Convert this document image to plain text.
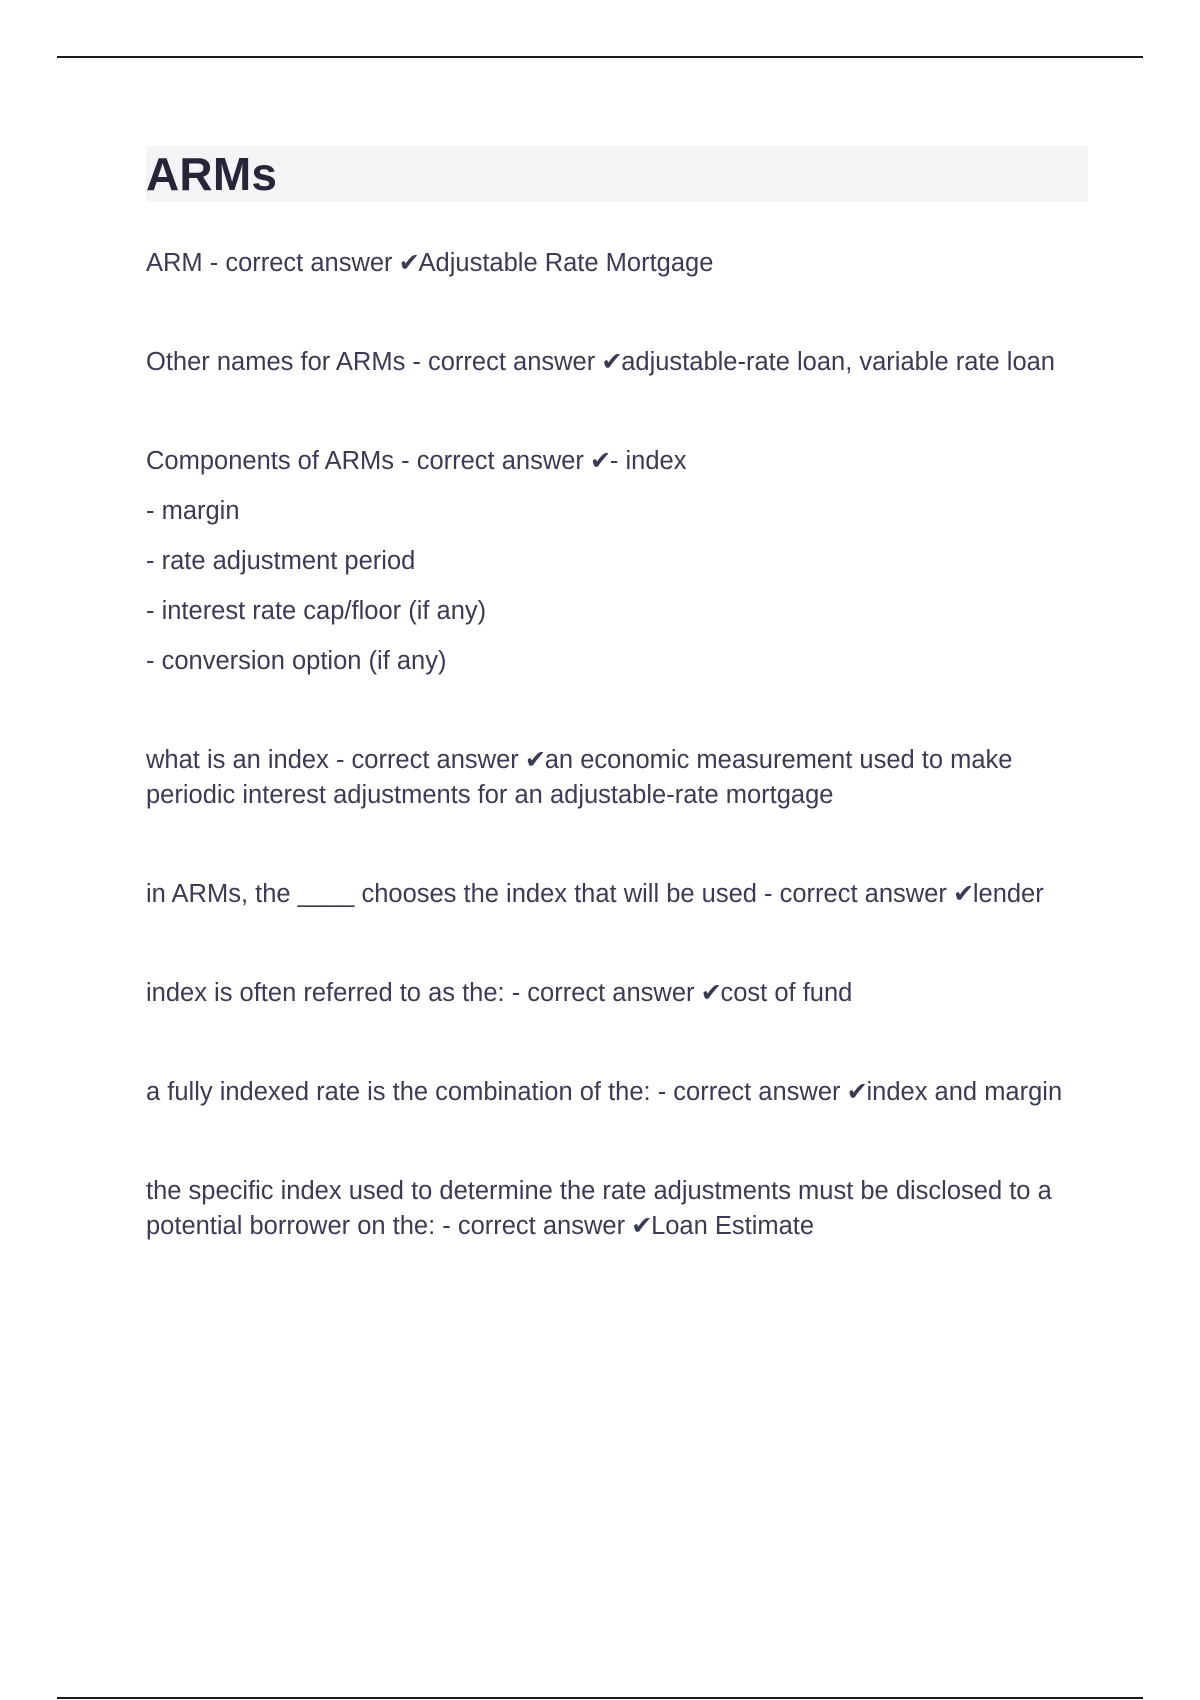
ARMs
ARM - correct answer ✔Adjustable Rate Mortgage
Other names for ARMs - correct answer ✔adjustable-rate loan, variable rate loan
Components of ARMs - correct answer ✔- index
- margin
- rate adjustment period
- interest rate cap/floor (if any)
- conversion option (if any)
what is an index - correct answer ✔an economic measurement used to make periodic interest adjustments for an adjustable-rate mortgage
in ARMs, the ____ chooses the index that will be used - correct answer ✔lender
index is often referred to as the: - correct answer ✔cost of fund
a fully indexed rate is the combination of the: - correct answer ✔index and margin
the specific index used to determine the rate adjustments must be disclosed to a potential borrower on the: - correct answer ✔Loan Estimate
